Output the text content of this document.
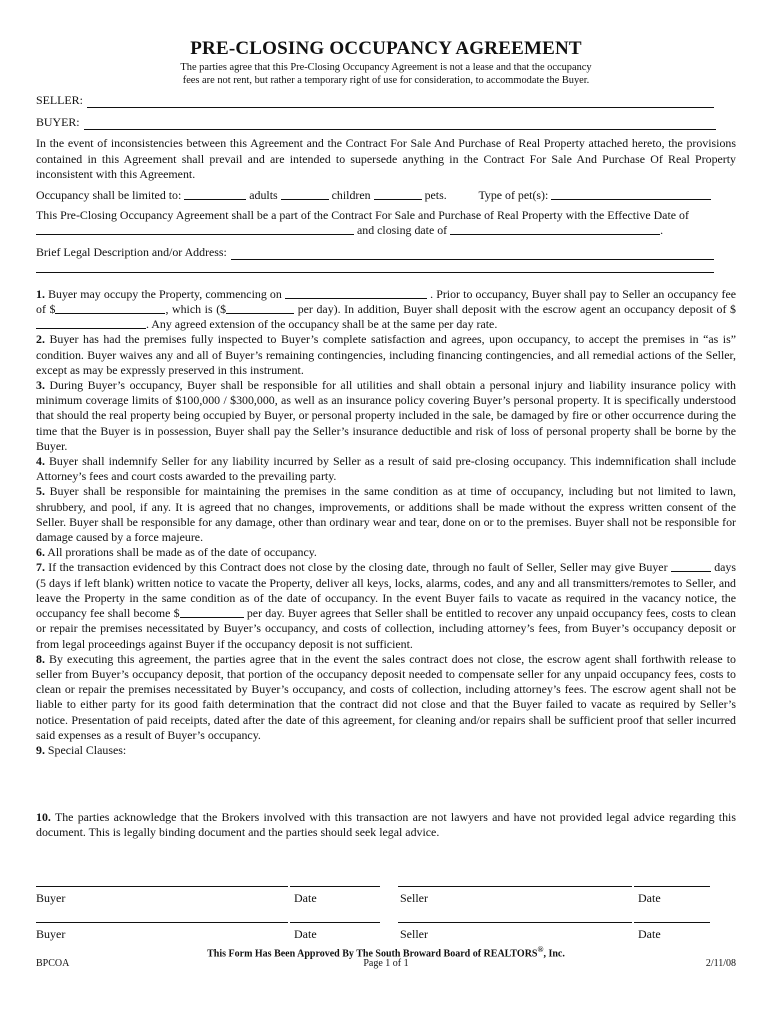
PRE-CLOSING OCCUPANCY AGREEMENT
The parties agree that this Pre-Closing Occupancy Agreement is not a lease and that the occupancy
fees are not rent, but rather a temporary right of use for consideration, to accommodate the Buyer.
SELLER:
BUYER:

In the event of inconsistencies between this Agreement and the Contract For Sale And Purchase of Real Property attached hereto, the provisions contained in this Agreement shall prevail and are intended to supersede anything in the Contract For Sale And Purchase Of Real Property inconsistent with this Agreement.

Occupancy shall be limited to:	adults	children	pets.	Type of pet(s):
This Pre-Closing Occupancy Agreement shall be a part of the Contract For Sale and Purchase of Real Property with the Effective Date of
and closing date of	.
Brief Legal Description and/or Address:

1. Buyer may occupy the Property, commencing on	. Prior to occupancy, Buyer shall pay to Seller an occupancy fee of $	, which is ($	per day). In addition, Buyer shall deposit with the escrow agent an occupancy deposit of $. Any agreed extension of the occupancy shall be at the same per day rate.

2. Buyer has had the premises fully inspected to Buyer’s complete satisfaction and agrees, upon occupancy, to accept the premises in “as is” condition. Buyer waives any and all of Buyer’s remaining contingencies, including financing contingencies, and all remedial actions of the Seller, except as may be expressly preserved in this instrument.

3. During Buyer’s occupancy, Buyer shall be responsible for all utilities and shall obtain a personal injury and liability insurance policy with minimum coverage limits of $100,000 / $300,000, as well as an insurance policy covering Buyer’s personal property. It is specifically understood that should the real property being occupied by Buyer, or personal property included in the sale, be damaged by fire or other occurrence during the time that the Buyer is in possession, Buyer shall pay the Seller’s insurance deductible and risk of loss of personal property shall be borne by the Buyer.

4. Buyer shall indemnify Seller for any liability incurred by Seller as a result of said pre-closing occupancy. This indemnification shall include Attorney’s fees and court costs awarded to the prevailing party.

5. Buyer shall be responsible for maintaining the premises in the same condition as at time of occupancy, including but not limited to lawn, shrubbery, and pool, if any. It is agreed that no changes, improvements, or additions shall be made without the express written consent of the Seller. Buyer shall be responsible for any damage, other than ordinary wear and tear, done on or to the premises. Buyer shall not be responsible for damage caused by a force majeure.

6. All prorations shall be made as of the date of occupancy.

7. If the transaction evidenced by this Contract does not close by the closing date, through no fault of Seller, Seller may give Buyer	days (5 days if left blank) written notice to vacate the Property, deliver all keys, locks, alarms, codes, and any and all transmitters/remotes to Seller, and leave the Property in the same condition as of the date of occupancy. In the event Buyer fails to vacate as required in the vacancy notice, the occupancy fee shall become $	per day. Buyer agrees that Seller shall be entitled to recover any unpaid occupancy fees, costs to clean or repair the premises necessitated by Buyer’s occupancy, and costs of collection, including attorney’s fees, from Buyer’s occupancy deposit or from legal proceedings against Buyer if the occupancy deposit is not sufficient.

8. By executing this agreement, the parties agree that in the event the sales contract does not close, the escrow agent shall forthwith release to seller from Buyer’s occupancy deposit, that portion of the occupancy deposit needed to compensate seller for any unpaid occupancy fees, costs to clean or repair the premises necessitated by Buyer’s occupancy, and costs of collection, including attorney’s fees. The escrow agent shall not be liable to either party for its good faith determination that the contract did not close and that the Buyer failed to vacate as required by Seller’s notice. Presentation of paid receipts, dated after the date of this agreement, for cleaning and/or repairs shall be sufficient proof that seller incurred said expenses as a result of Buyer’s occupancy.

9. Special Clauses:

10. The parties acknowledge that the Brokers involved with this transaction are not lawyers and have not provided legal advice regarding this document. This is legally binding document and the parties should seek legal advice.

Buyer	Date	Seller	Date
Buyer	Date	Seller	Date
This Form Has Been Approved By The South Broward Board of REALTORS®, Inc.
BPCOA	Page 1 of 1	2/11/08
